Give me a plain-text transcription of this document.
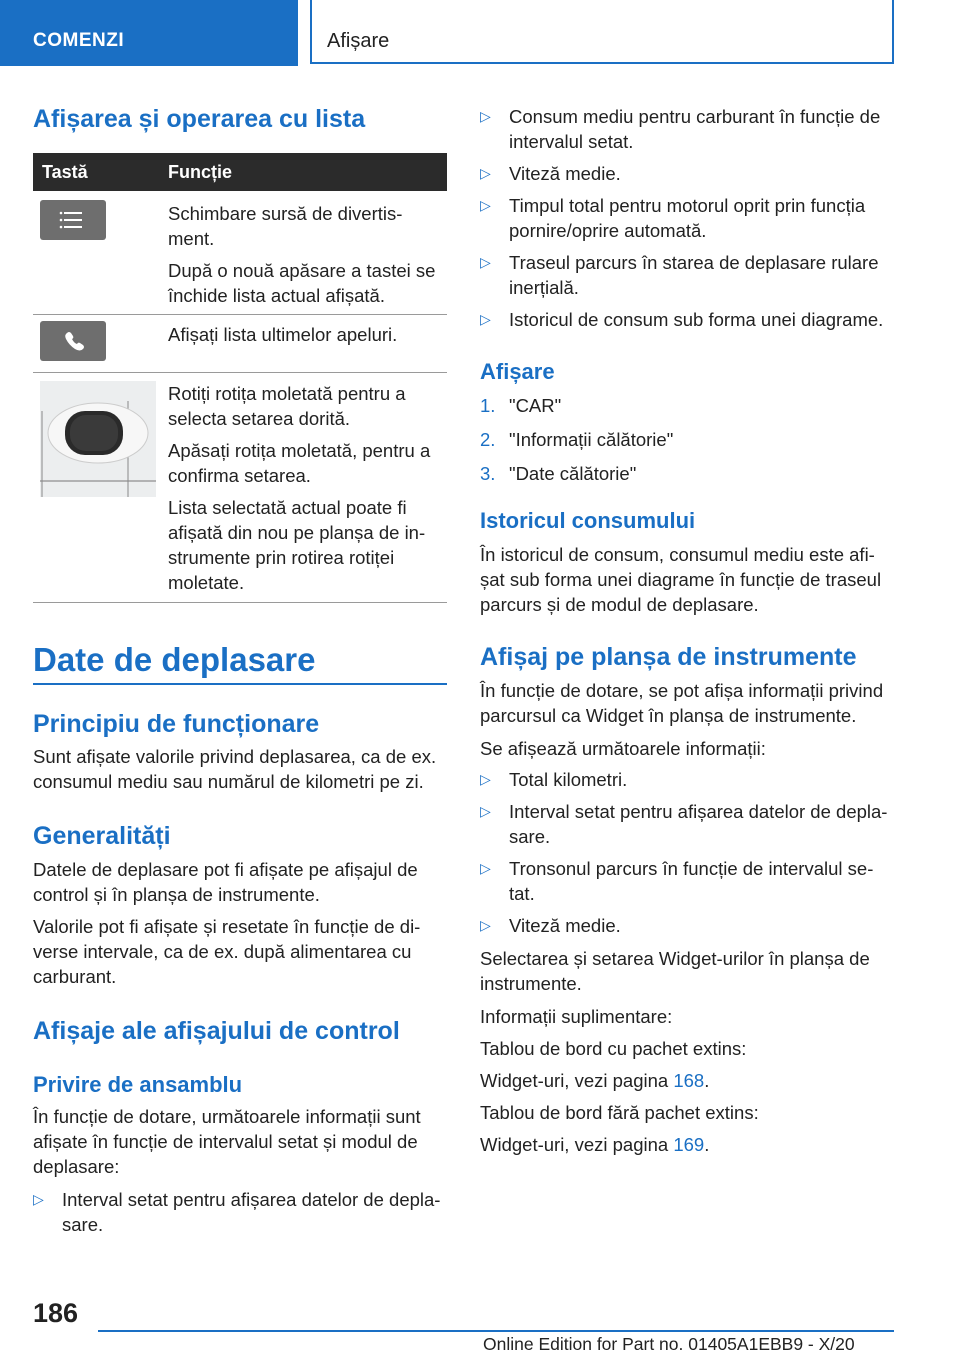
COMENZI	Afișare
Afișarea și operarea cu lista
Tastă	Funcție

Schimbare sursă de divertis- ment.

După o nouă apăsare a tastei se închide lista actual afișată.

Afișați lista ultimelor apeluri.

Rotiți rotița moletată pentru a selecta setarea dorită.

Apăsați rotița moletată, pentru a confirma setarea.

Lista selectată actual poate fi afișată din nou pe planșa de in- strumente prin rotirea rotiței moletate.

Date de deplasare
Principiu de funcționare

Sunt afișate valorile privind deplasarea, ca de ex. consumul mediu sau numărul de kilometri pe zi.

Generalități

Datele de deplasare pot fi afișate pe afișajul de control și în planșa de instrumente.

Valorile pot fi afișate și resetate în funcție de di- verse intervale, ca de ex. după alimentarea cu carburant.

Afișaje ale afișajului de control
Privire de ansamblu

În funcție de dotare, următoarele informații sunt afișate în funcție de intervalul setat și modul de deplasare:

▷ Interval setat pentru afișarea datelor de depla- sare.
▷ Consum mediu pentru carburant în funcție de intervalul setat.
▷ Viteză medie.
▷ Timpul total pentru motorul oprit prin funcția pornire/oprire automată.
▷ Traseul parcurs în starea de deplasare rulare inerțială.
▷ Istoricul de consum sub forma unei diagrame.
Afișare
1. "CAR"
2. "Informații călătorie"
3. "Date călătorie"
Istoricul consumului

În istoricul de consum, consumul mediu este afi- șat sub forma unei diagrame în funcție de traseul parcurs și de modul de deplasare.

Afișaj pe planșa de instrumente

În funcție de dotare, se pot afișa informații privind parcursul ca Widget în planșa de instrumente.

Se afișează următoarele informații:

▷ Total kilometri.
▷ Interval setat pentru afișarea datelor de depla- sare.
▷ Tronsonul parcurs în funcție de intervalul se- tat.
▷ Viteză medie.

Selectarea și setarea Widget-urilor în planșa de instrumente.

Informații suplimentare:

Tablou de bord cu pachet extins:

Widget-uri, vezi pagina 168.

Tablou de bord fără pachet extins:

Widget-uri, vezi pagina 169.

186
Online Edition for Part no. 01405A1EBB9 - X/20
